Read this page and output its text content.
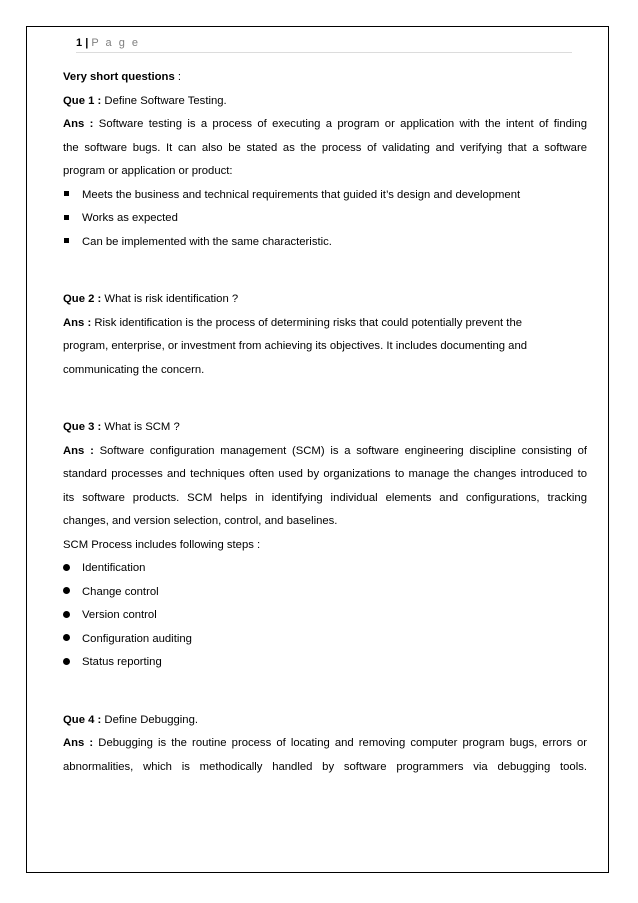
1 | P a g e
Very short questions :
Que 1 : Define Software Testing.
Ans : Software testing is a process of executing a program or application with the intent of finding
the software bugs. It can also be stated as the process of validating and verifying that a software
program or application or product:
Meets the business and technical requirements that guided it’s design and development
Works as expected
Can be implemented with the same characteristic.
Que 2 : What is risk identification ?
Ans : Risk identification is the process of determining risks that could potentially prevent the
program, enterprise, or investment from achieving its objectives. It includes documenting and
communicating the concern.
Que 3 : What is SCM ?
Ans : Software configuration management (SCM) is a software engineering discipline consisting of
standard processes and techniques often used by organizations to manage the changes introduced to
its software products. SCM helps in identifying individual elements and configurations, tracking
changes, and version selection, control, and baselines.
SCM Process includes following steps :
Identification
Change control
Version control
Configuration auditing
Status reporting
Que 4 : Define Debugging.
Ans : Debugging is the routine process of locating and removing computer program bugs, errors or
abnormalities, which is methodically handled by software programmers via debugging tools.
